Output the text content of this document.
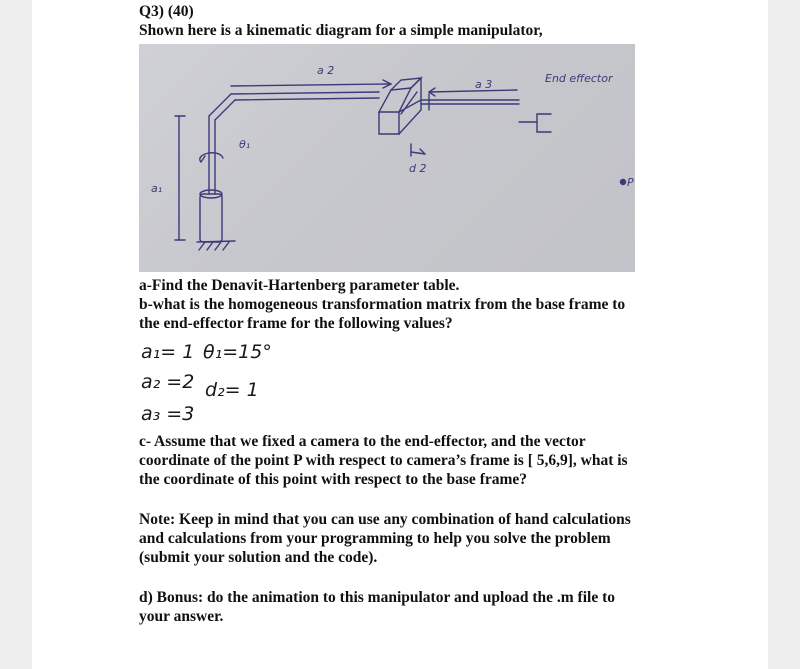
Q3) (40)
Shown here is a kinematic diagram for a simple manipulator,
a 2
a 3	End effector
θ₁
d 2
a₁	P
a-Find the Denavit-Hartenberg parameter table.
b-what is the homogeneous transformation matrix from the base frame to
the end-effector frame for the following values?
a₁= 1 θ₁=15°
a₂ =2 d₂= 1
a₃ =3
c- Assume that we fixed a camera to the end-effector, and the vector
coordinate of the point P with respect to camera’s frame is [ 5,6,9], what is
the coordinate of this point with respect to the base frame?
Note: Keep in mind that you can use any combination of hand calculations
and calculations from your programming to help you solve the problem
(submit your solution and the code).
d) Bonus: do the animation to this manipulator and upload the .m file to
your answer.
